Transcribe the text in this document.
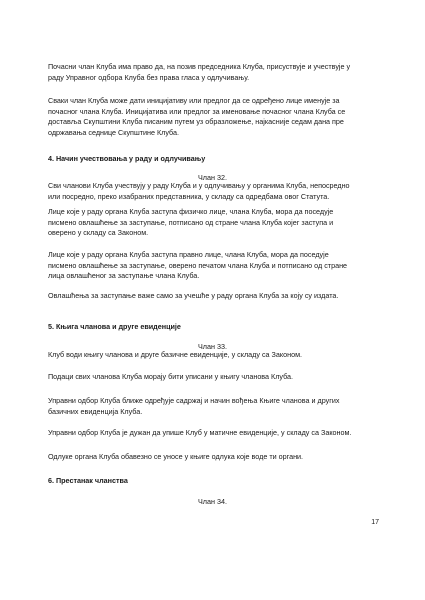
Почасни члан Клуба има право да, на позив председника Клуба, присуствује и учествује у
раду Управног одбора Клуба без права гласа у одлучивању.
Сваки члан Клуба може дати иницијативу или предлог да се одређено лице именује за
почасног члана Клуба. Иницијатива или предлог за именовање почасног члана Клуба се
доставља Скупштини Клуба писаним путем уз образложење, најкасније седам дана пре
одржавања седнице Скупштине Клуба.
4. Начин учествовања у раду и одлучивању
Члан 32.
Сви чланови Клуба учествују у раду Клуба и у одлучивању у органима Клуба, непосредно
или посредно, преко изабраних представника, у складу са одредбама овог Статута.
Лице које у раду органа Клуба заступа физичко лице, члана Клуба, мора да поседује
писмено овлашћење за заступање, потписано од стране члана Клуба којег заступа и
оверено у складу са Законом.
Лице које у раду органа Клуба заступа правно лице, члана Клуба, мора да поседује
писмено овлашћење за заступање, оверено печатом члана Клуба и потписано од стране
лица овлашћеног за заступање члана Клуба.
Овлашћења за заступање важе само за учешће у раду органа Клуба за коју су издата.
5. Књига чланова и друге евиденције
Члан 33.
Клуб води књигу чланова и друге базичне евиденције, у складу са Законом.
Подаци свих чланова Клуба морају бити уписани у књигу чланова Клуба.
Управни одбор Клуба ближе одређује садржај и начин вођења Књиге чланова и других
базичних евиденција Клуба.
Управни одбор Клуба је дужан да упише Клуб у матичне евиденције, у складу са Законом.
Одлуке органа Клуба обавезно се уносе у књиге одлука које воде ти органи.
6. Престанак чланства
Члан 34.
17
